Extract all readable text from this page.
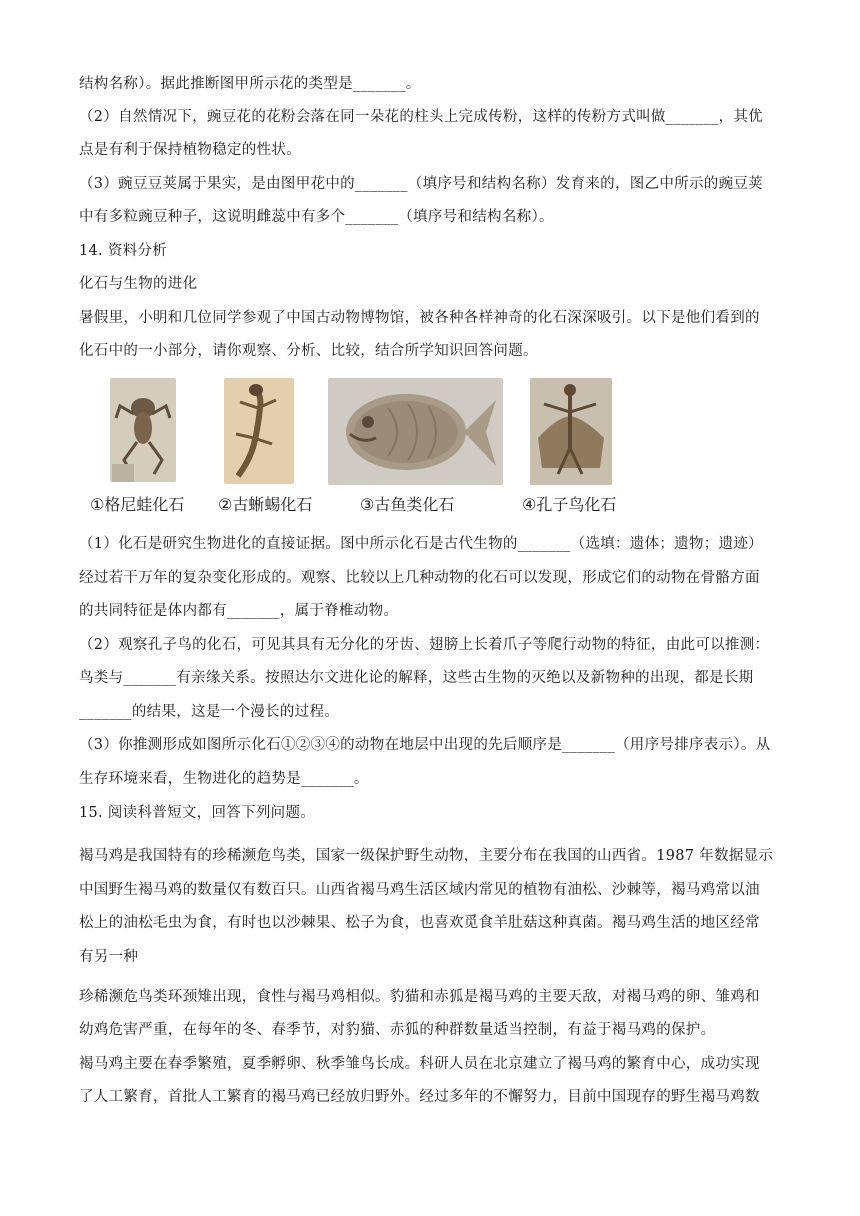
结构名称）。据此推断图甲所示花的类型是_______。
（2）自然情况下，豌豆花的花粉会落在同一朵花的柱头上完成传粉，这样的传粉方式叫做_______，其优
点是有利于保持植物稳定的性状。
（3）豌豆豆荚属于果实，是由图甲花中的_______（填序号和结构名称）发育来的，图乙中所示的豌豆荚
中有多粒豌豆种子，这说明雌蕊中有多个_______（填序号和结构名称）。
14. 资料分析
化石与生物的进化
暑假里，小明和几位同学参观了中国古动物博物馆，被各种各样神奇的化石深深吸引。以下是他们看到的
化石中的一小部分，请你观察、分析、比较，结合所学知识回答问题。
①格尼蛙化石 ②古蜥蜴化石	③古鱼类化石	④孔子鸟化石
（1）化石是研究生物进化的直接证据。图中所示化石是古代生物的_______（选填：遗体；遗物；遗迹）
经过若干万年的复杂变化形成的。观察、比较以上几种动物的化石可以发现，形成它们的动物在骨骼方面
的共同特征是体内都有_______，属于脊椎动物。
（2）观察孔子鸟的化石，可见其具有无分化的牙齿、翅膀上长着爪子等爬行动物的特征，由此可以推测：
鸟类与_______有亲缘关系。按照达尔文进化论的解释，这些古生物的灭绝以及新物种的出现，都是长期
_______的结果，这是一个漫长的过程。
（3）你推测形成如图所示化石①②③④的动物在地层中出现的先后顺序是_______（用序号排序表示）。从
生存环境来看，生物进化的趋势是_______。
15. 阅读科普短文，回答下列问题。
褐马鸡是我国特有的珍稀濒危鸟类，国家一级保护野生动物，主要分布在我国的山西省。1987 年数据显示
中国野生褐马鸡的数量仅有数百只。山西省褐马鸡生活区域内常见的植物有油松、沙棘等，褐马鸡常以油
松上的油松毛虫为食，有时也以沙棘果、松子为食，也喜欢觅食羊肚菇这种真菌。褐马鸡生活的地区经常
有另一种
珍稀濒危鸟类环颈雉出现，食性与褐马鸡相似。豹猫和赤狐是褐马鸡的主要天敌，对褐马鸡的卵、雏鸡和
幼鸡危害严重，在每年的冬、春季节，对豹猫、赤狐的种群数量适当控制，有益于褐马鸡的保护。
褐马鸡主要在春季繁殖，夏季孵卵、秋季雏鸟长成。科研人员在北京建立了褐马鸡的繁育中心，成功实现
了人工繁育，首批人工繁育的褐马鸡已经放归野外。经过多年的不懈努力，目前中国现存的野生褐马鸡数
